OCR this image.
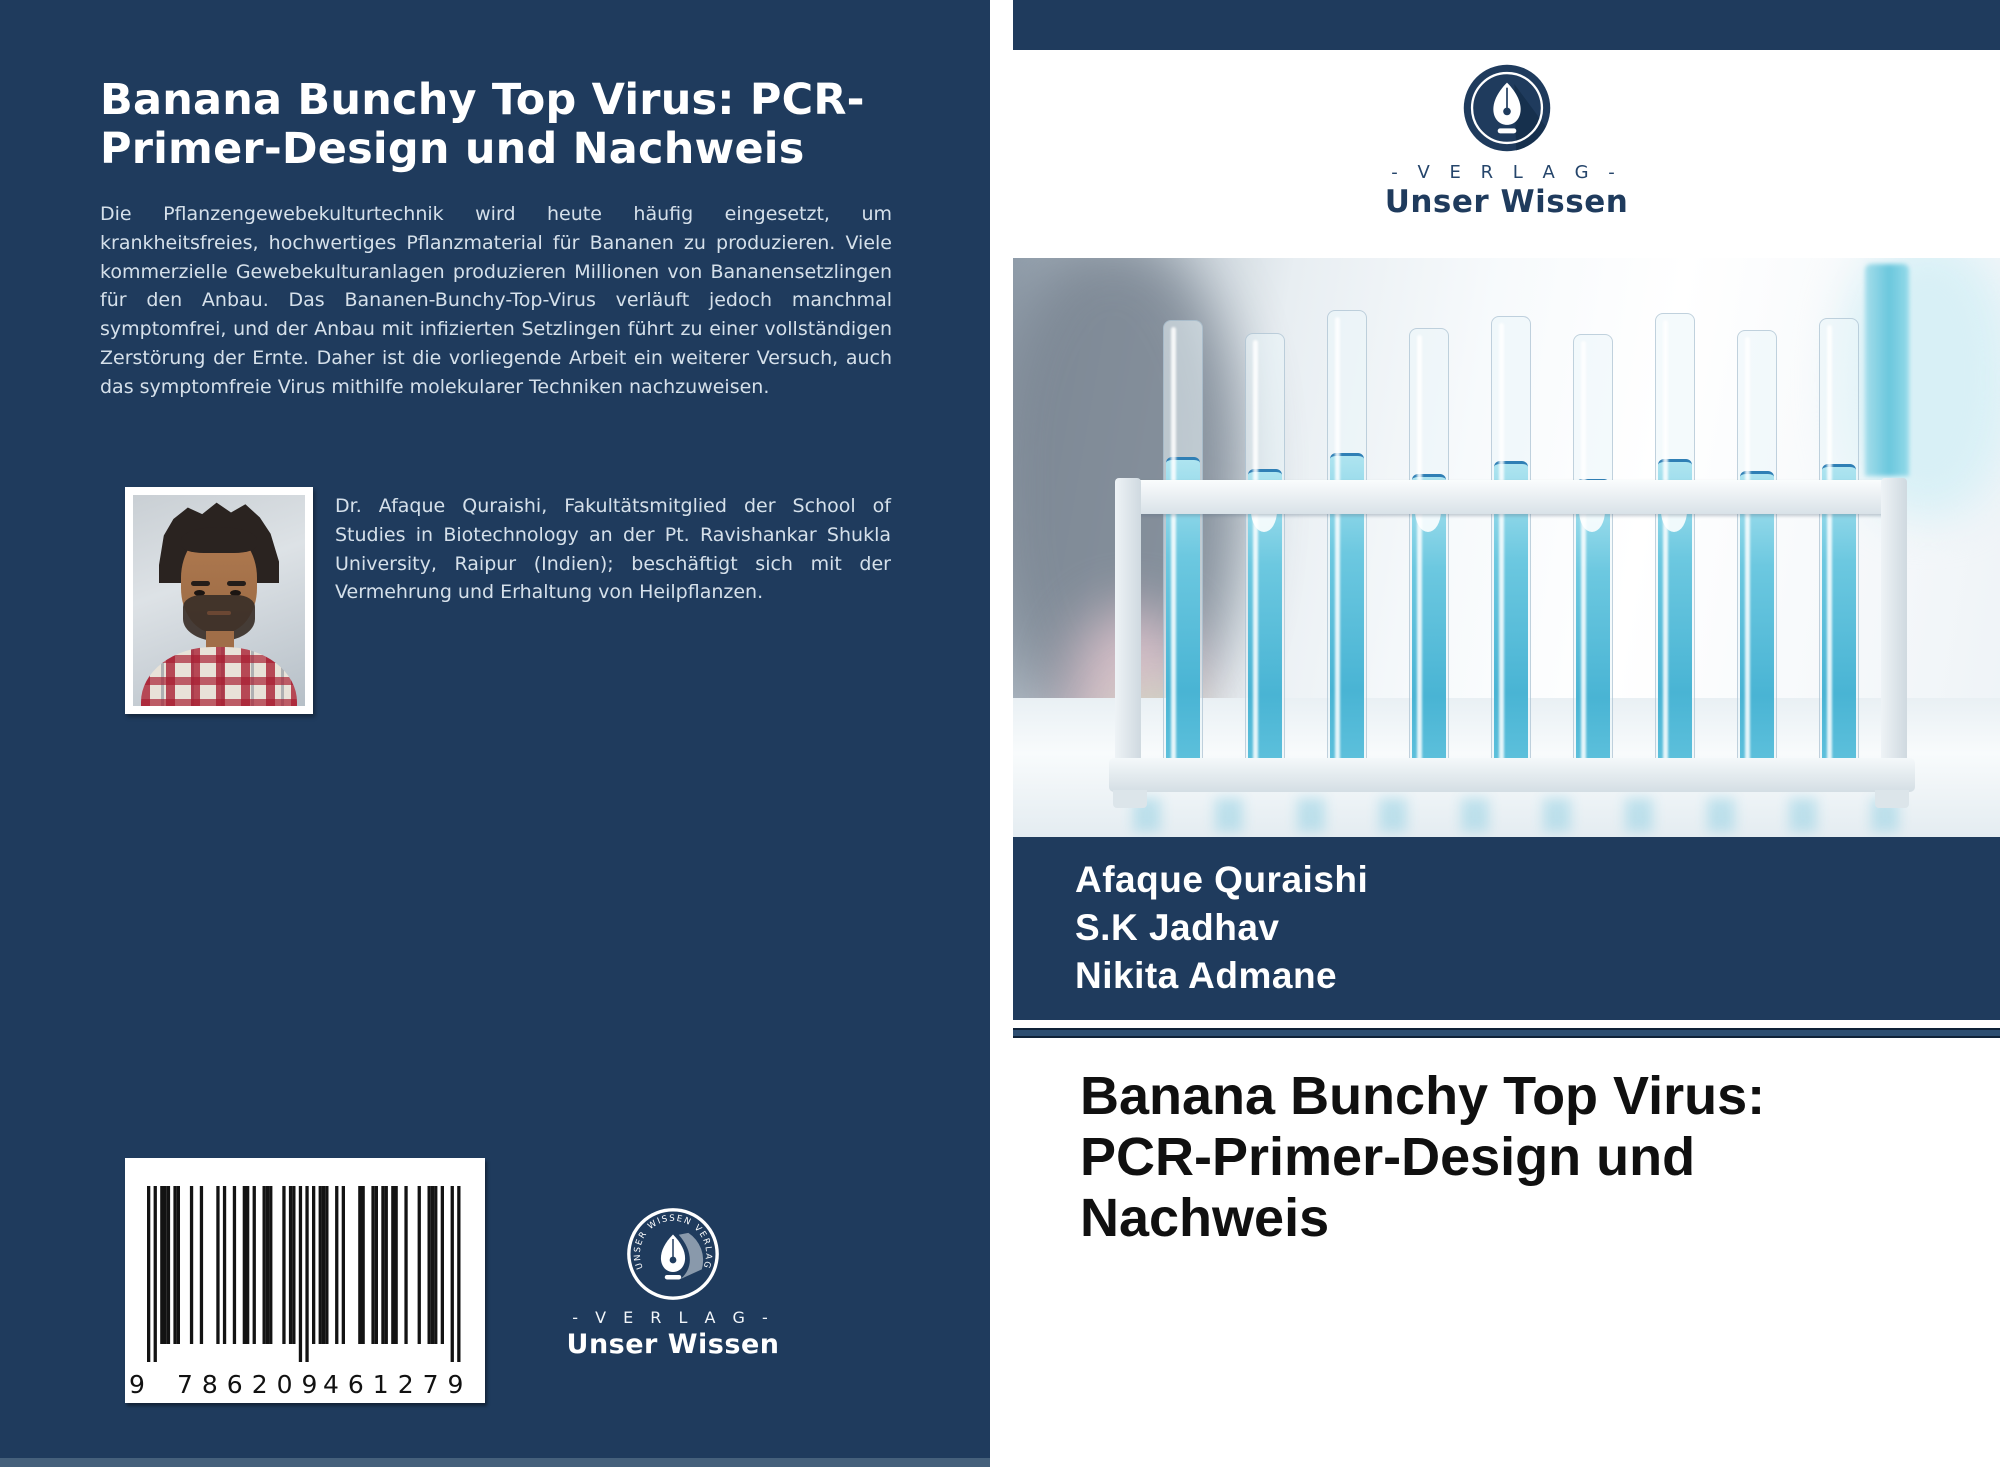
Banana Bunchy Top Virus: PCR-
Primer-Design und Nachweis
Die Pflanzengewebekulturtechnik wird heute häufig eingesetzt, um krankheitsfreies, hochwertiges Pflanzmaterial für Bananen zu produzieren. Viele kommerzielle Gewebekulturanlagen produzieren Millionen von Bananensetzlingen für den Anbau. Das Bananen-Bunchy-Top-Virus verläuft jedoch manchmal symptomfrei, und der Anbau mit infizierten Setzlingen führt zu einer vollständigen Zerstörung der Ernte. Daher ist die vorliegende Arbeit ein weiterer Versuch, auch das symptomfreie Virus mithilfe molekularer Techniken nachzuweisen.
Dr. Afaque Quraishi, Fakultätsmitglied der School of Studies in Biotechnology an der Pt. Ravishankar Shukla University, Raipur (Indien); beschäftigt sich mit der Vermehrung und Erhaltung von Heilpflanzen.
9 786209
461279
UNSER WISSEN VERLAG
- V E R L A G -
Unser Wissen
- V E R L A G -
Unser Wissen
Afaque Quraishi
S.K Jadhav
Nikita Admane
Banana Bunchy Top Virus:
PCR-Primer-Design und
Nachweis
